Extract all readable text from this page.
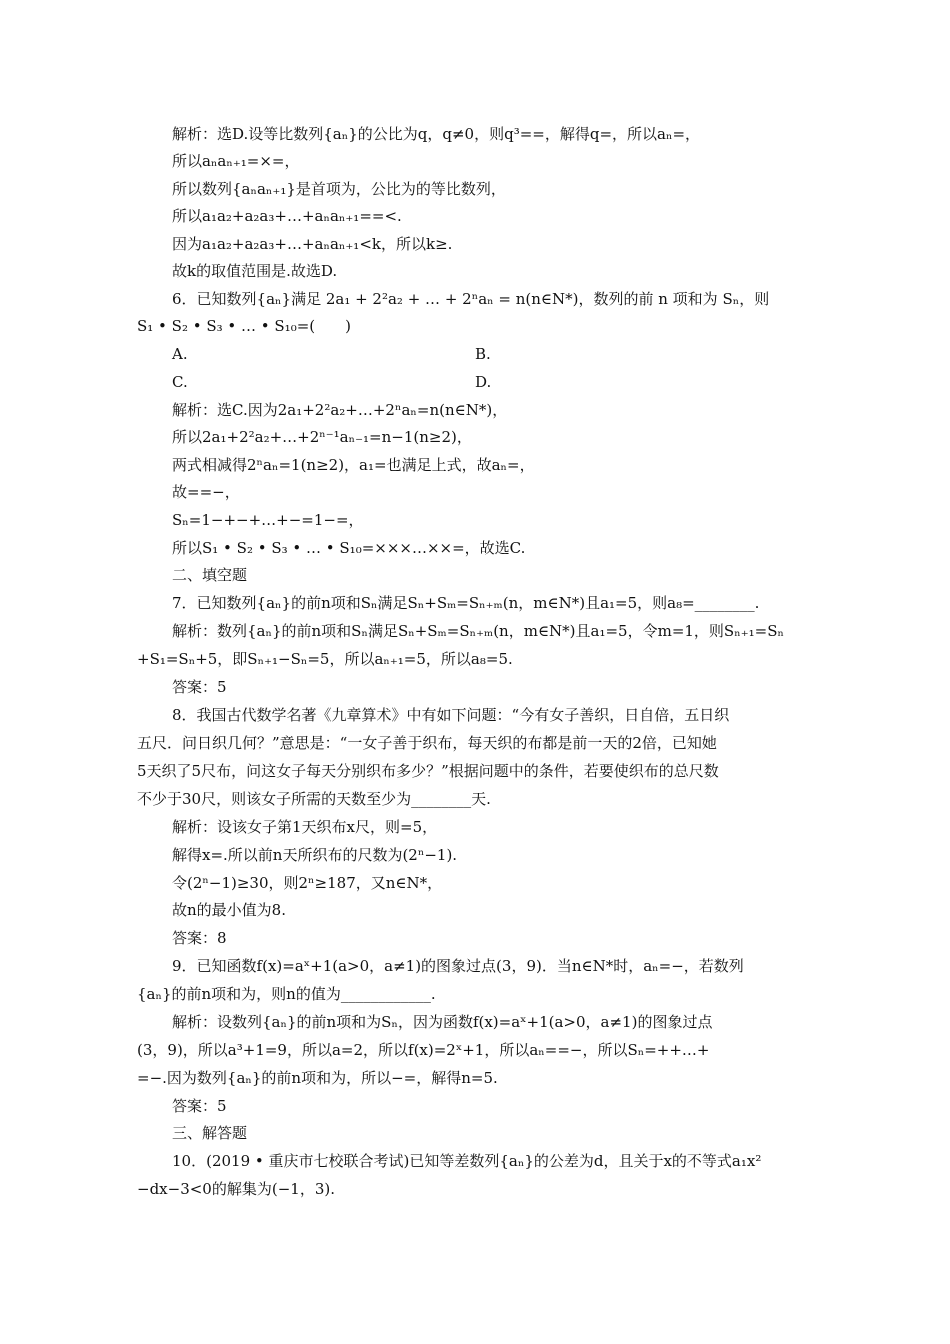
解析：选D.设等比数列{aₙ}的公比为q，q≠0，则q³==，解得q=，所以aₙ=，
所以aₙaₙ₊₁=×=，
所以数列{aₙaₙ₊₁}是首项为，公比为的等比数列，
所以a₁a₂+a₂a₃+…+aₙaₙ₊₁==<.
因为a₁a₂+a₂a₃+…+aₙaₙ₊₁<k，所以k≥.
故k的取值范围是.故选D.
6．已知数列{aₙ}满足 2a₁ + 2²a₂ + … + 2ⁿaₙ = n(n∈N*)，数列的前 n 项和为 Sₙ，则
S₁ • S₂ • S₃ • … • S₁₀=(　　)
A.	B.
C.	D.
解析：选C.因为2a₁+2²a₂+…+2ⁿaₙ=n(n∈N*)，
所以2a₁+2²a₂+…+2ⁿ⁻¹aₙ₋₁=n−1(n≥2)，
两式相减得2ⁿaₙ=1(n≥2)，a₁=也满足上式，故aₙ=，
故==−，
Sₙ=1−+−+…+−=1−=，
所以S₁ • S₂ • S₃ • … • S₁₀=×××…××=，故选C.
二、填空题
7．已知数列{aₙ}的前n项和Sₙ满足Sₙ+Sₘ=Sₙ₊ₘ(n，m∈N*)且a₁=5，则a₈=________.
解析：数列{aₙ}的前n项和Sₙ满足Sₙ+Sₘ=Sₙ₊ₘ(n，m∈N*)且a₁=5，令m=1，则Sₙ₊₁=Sₙ
+S₁=Sₙ+5，即Sₙ₊₁−Sₙ=5，所以aₙ₊₁=5，所以a₈=5.
答案：5
8．我国古代数学名著《九章算术》中有如下问题：“今有女子善织，日自倍，五日织
五尺．问日织几何？”意思是：“一女子善于织布，每天织的布都是前一天的2倍，已知她
5天织了5尺布，问这女子每天分别织布多少？”根据问题中的条件，若要使织布的总尺数
不少于30尺，则该女子所需的天数至少为________天.
解析：设该女子第1天织布x尺，则=5，
解得x=.所以前n天所织布的尺数为(2ⁿ−1).
令(2ⁿ−1)≥30，则2ⁿ≥187，又n∈N*，
故n的最小值为8.
答案：8
9．已知函数f(x)=aˣ+1(a>0，a≠1)的图象过点(3，9)．当n∈N*时，aₙ=−，若数列
{aₙ}的前n项和为，则n的值为____________.
解析：设数列{aₙ}的前n项和为Sₙ，因为函数f(x)=aˣ+1(a>0，a≠1)的图象过点
(3，9)，所以a³+1=9，所以a=2，所以f(x)=2ˣ+1，所以aₙ==−，所以Sₙ=++…+
=−.因为数列{aₙ}的前n项和为，所以−=，解得n=5.
答案：5
三、解答题
10．(2019 • 重庆市七校联合考试)已知等差数列{aₙ}的公差为d，且关于x的不等式a₁x²
−dx−3<0的解集为(−1，3).
